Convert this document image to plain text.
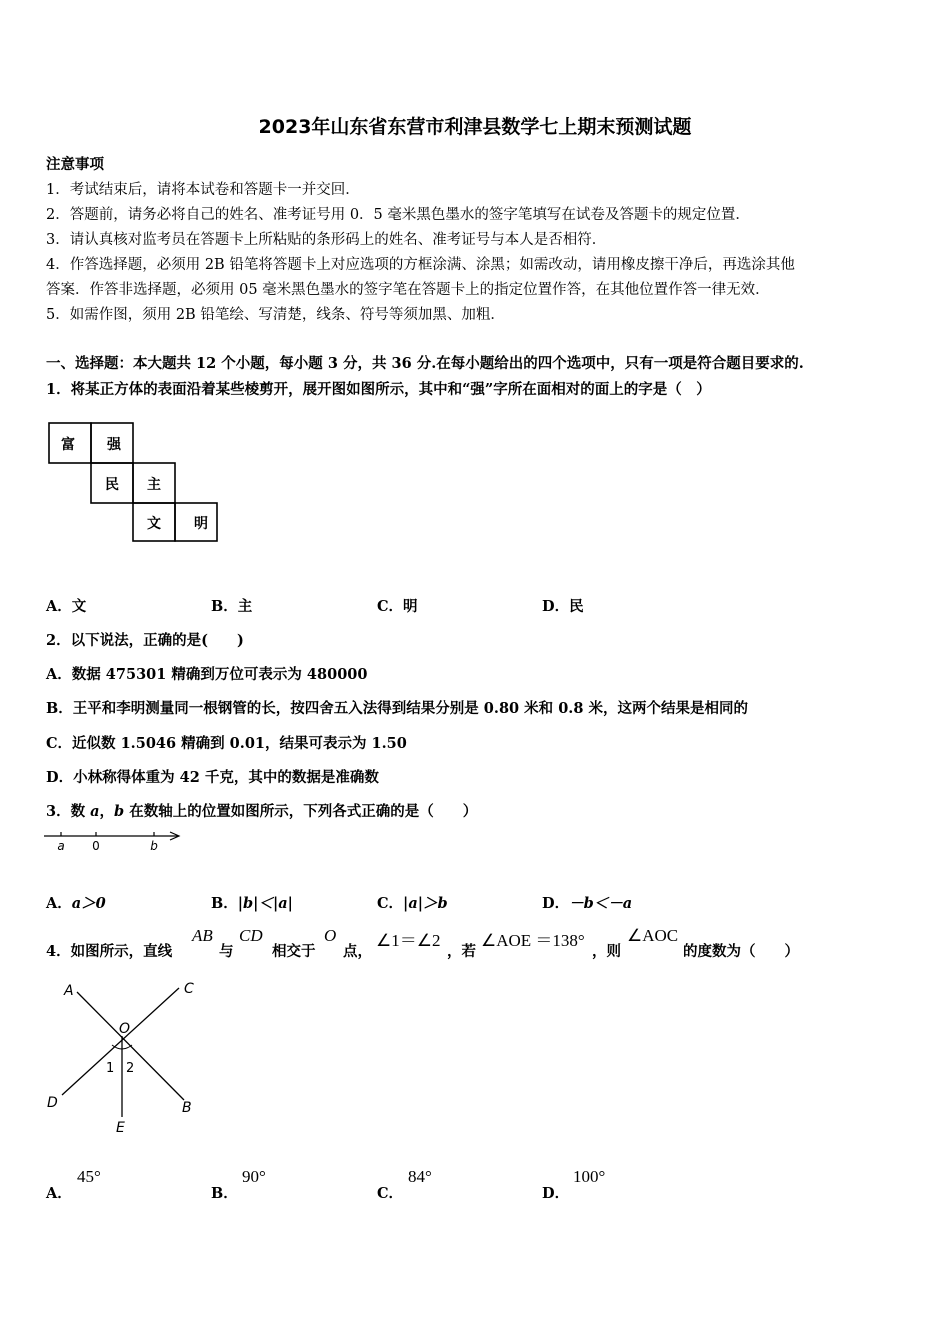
2023年山东省东营市利津县数学七上期末预测试题
注意事项
1．考试结束后，请将本试卷和答题卡一并交回．
2．答题前，请务必将自己的姓名、准考证号用 0．5 毫米黑色墨水的签字笔填写在试卷及答题卡的规定位置．
3．请认真核对监考员在答题卡上所粘贴的条形码上的姓名、准考证号与本人是否相符．
4．作答选择题，必须用 2B 铅笔将答题卡上对应选项的方框涂满、涂黑；如需改动，请用橡皮擦干净后，再选涂其他
答案．作答非选择题，必须用 05 毫米黑色墨水的签字笔在答题卡上的指定位置作答，在其他位置作答一律无效．
5．如需作图，须用 2B 铅笔绘、写清楚，线条、符号等须加黑、加粗．
一、选择题：本大题共 12 个小题，每小题 3 分，共 36 分.在每小题给出的四个选项中，只有一项是符合题目要求的.
1．将某正方体的表面沿着某些棱剪开，展开图如图所示，其中和“强”字所在面相对的面上的字是（　）
富 强
民 主
文 明
A．文	B．主	C．明	D．民
2．以下说法，正确的是(　　)
A．数据 475301 精确到万位可表示为 480000
B．王平和李明测量同一根钢管的长，按四舍五入法得到结果分别是 0.80 米和 0.8 米，这两个结果是相同的
C．近似数 1.5046 精确到 0.01，结果可表示为 1.50
D．小林称得体重为 42 千克，其中的数据是准确数
3．数 a，b 在数轴上的位置如图所示，下列各式正确的是（　　）
a 0	b
A．a＞0	B．|b|＜|a|	C．|a|＞b	D．－b＜－a
4．如图所示，直线
AB
与
CD
相交于
O
点，
∠1＝∠2
，若
∠AOE ＝138°
，则
∠AOC
的度数为（　　）
A	C
O
D	B
E
1 2
A．
45°
B．
90°
C．
84°
D．
100°
